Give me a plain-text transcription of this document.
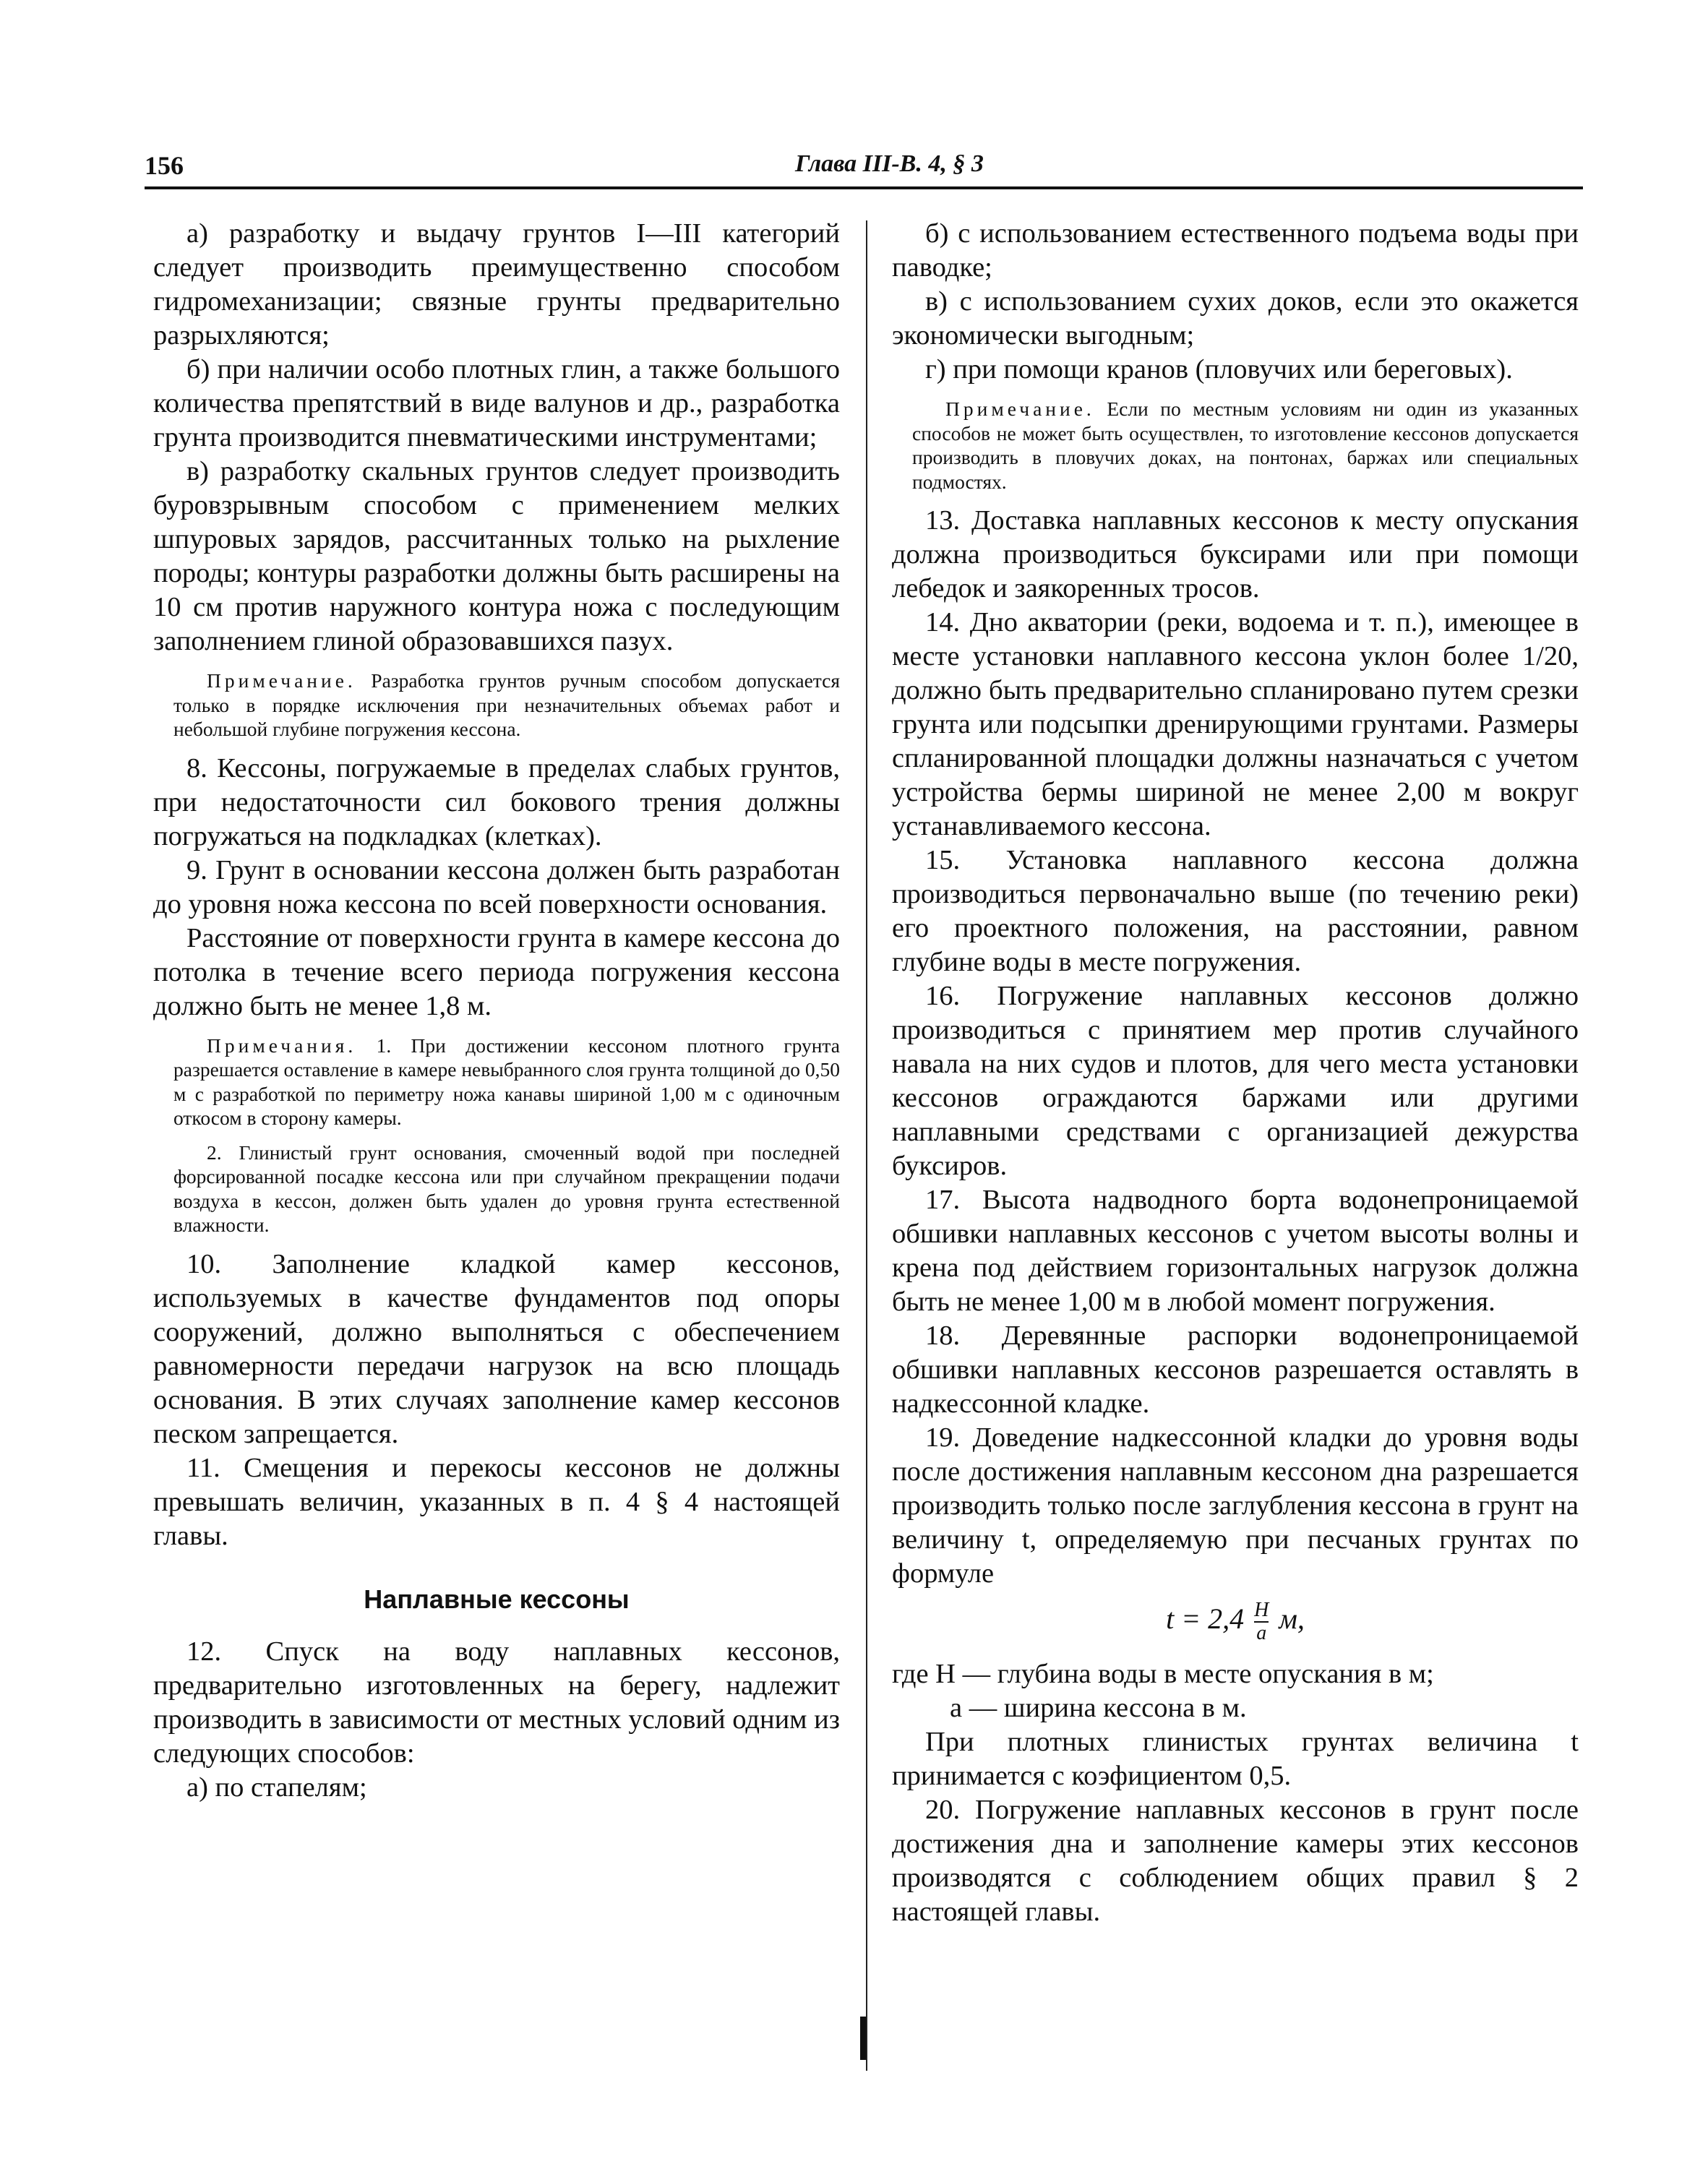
156	Глава III-В. 4, § 3

а) разработку и выдачу грунтов I—III категорий следует производить преимущественно способом гидромеханизации; связные грунты предварительно разрыхляются;

б) при наличии особо плотных глин, а также большого количества препятствий в виде валунов и др., разработка грунта производится пневматическими инструментами;

в) разработку скальных грунтов следует производить буровзрывным способом с применением мелких шпуровых зарядов, рассчитанных только на рыхление породы; контуры разработки должны быть расширены на 10 см против наружного контура ножа с последующим заполнением глиной образовавшихся пазух.

Примечание. Разработка грунтов ручным способом допускается только в порядке исключения при незначительных объемах работ и небольшой глубине погружения кессона.

8. Кессоны, погружаемые в пределах слабых грунтов, при недостаточности сил бокового трения должны погружаться на подкладках (клетках).

9. Грунт в основании кессона должен быть разработан до уровня ножа кессона по всей поверхности основания.

Расстояние от поверхности грунта в камере кессона до потолка в течение всего периода погружения кессона должно быть не менее 1,8 м.

Примечания. 1. При достижении кессоном плотного грунта разрешается оставление в камере невыбранного слоя грунта толщиной до 0,50 м с разработкой по периметру ножа канавы шириной 1,00 м с одиночным откосом в сторону камеры.
2. Глинистый грунт основания, смоченный водой при последней форсированной посадке кессона или при случайном прекращении подачи воздуха в кессон, должен быть удален до уровня грунта естественной влажности.

10. Заполнение кладкой камер кессонов, используемых в качестве фундаментов под опоры сооружений, должно выполняться с обеспечением равномерности передачи нагрузок на всю площадь основания. В этих случаях заполнение камер кессонов песком запрещается.

11. Смещения и перекосы кессонов не должны превышать величин, указанных в п. 4 § 4 настоящей главы.

Наплавные кессоны

12. Спуск на воду наплавных кессонов, предварительно изготовленных на берегу, надлежит производить в зависимости от местных условий одним из следующих способов:

а) по стапелям;

б) с использованием естественного подъема воды при паводке;

в) с использованием сухих доков, если это окажется экономически выгодным;

г) при помощи кранов (пловучих или береговых).

Примечание. Если по местным условиям ни один из указанных способов не может быть осуществлен, то изготовление кессонов допускается производить в пловучих доках, на понтонах, баржах или специальных подмостях.

13. Доставка наплавных кессонов к месту опускания должна производиться буксирами или при помощи лебедок и заякоренных тросов.

14. Дно акватории (реки, водоема и т. п.), имеющее в месте установки наплавного кессона уклон более 1/20, должно быть предварительно спланировано путем срезки грунта или подсыпки дренирующими грунтами. Размеры спланированной площадки должны назначаться с учетом устройства бермы шириной не менее 2,00 м вокруг устанавливаемого кессона.

15. Установка наплавного кессона должна производиться первоначально выше (по течению реки) его проектного положения, на расстоянии, равном глубине воды в месте погружения.

16. Погружение наплавных кессонов должно производиться с принятием мер против случайного навала на них судов и плотов, для чего места установки кессонов ограждаются баржами или другими наплавными средствами с организацией дежурства буксиров.

17. Высота надводного борта водонепроницаемой обшивки наплавных кессонов с учетом высоты волны и крена под действием горизонтальных нагрузок должна быть не менее 1,00 м в любой момент погружения.

18. Деревянные распорки водонепроницаемой обшивки наплавных кессонов разрешается оставлять в надкессонной кладке.

19. Доведение надкессонной кладки до уровня воды после достижения наплавным кессоном дна разрешается производить только после заглубления кессона в грунт на величину t, определяемую при песчаных грунтах по формуле

$t = 2,4 \frac{H}{a} м$,

где H — глубина воды в месте опускания в м;

a — ширина кессона в м.

При плотных глинистых грунтах величина t принимается с коэфициентом 0,5.

20. Погружение наплавных кессонов в грунт после достижения дна и заполнение камеры этих кессонов производятся с соблюдением общих правил § 2 настоящей главы.
